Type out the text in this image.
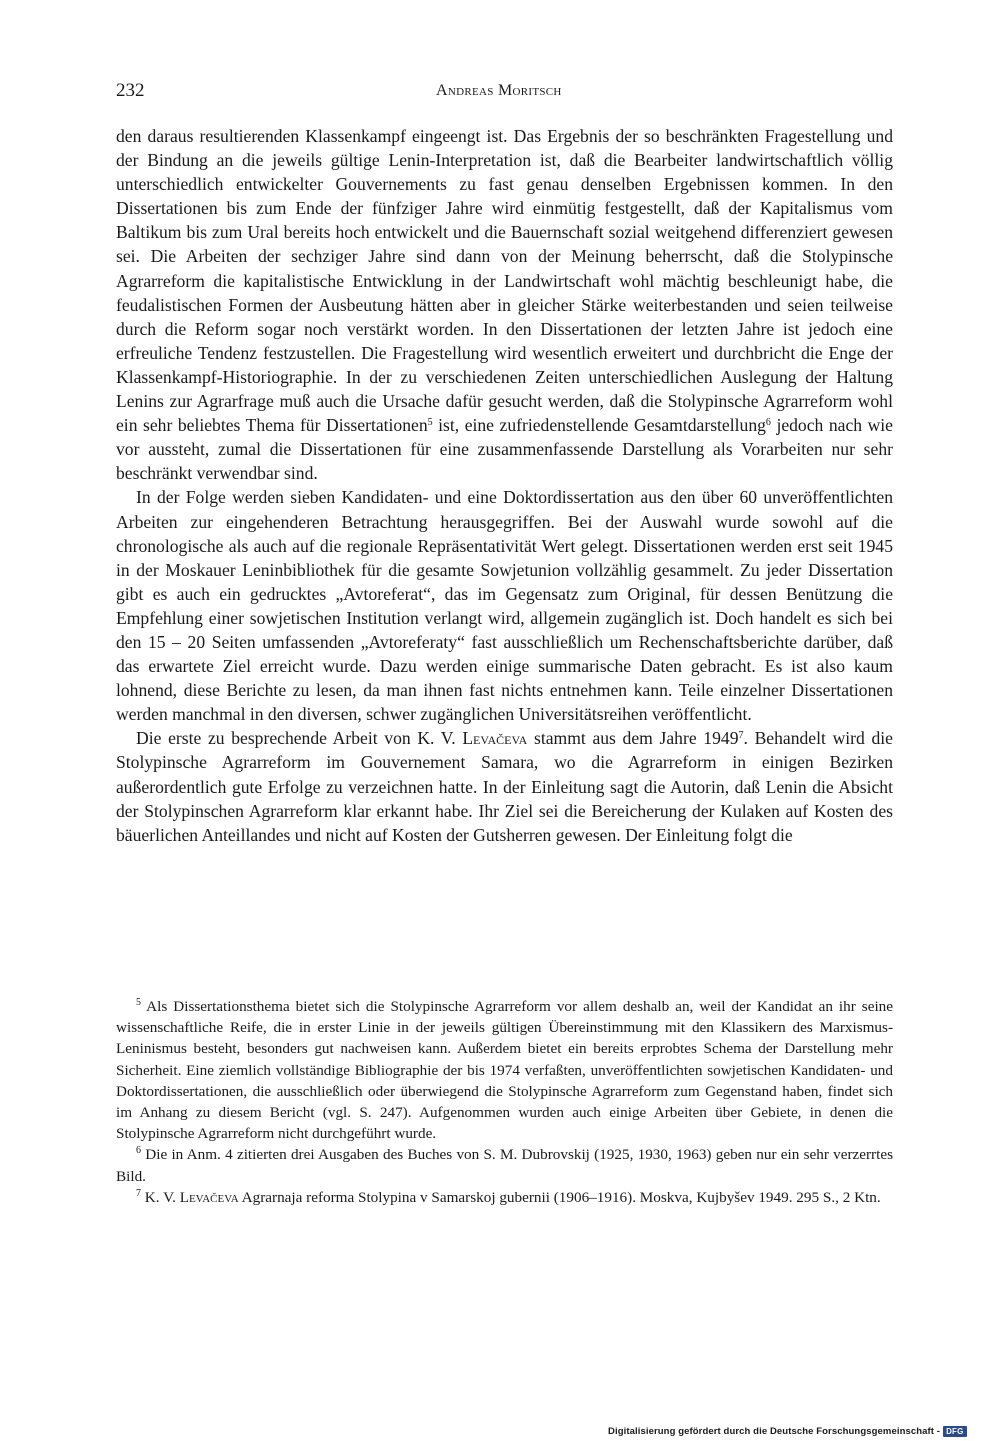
232	Andreas Moritsch

den daraus resultierenden Klassenkampf eingeengt ist. Das Ergebnis der so beschränkten Fragestellung und der Bindung an die jeweils gültige Lenin-Interpretation ist, daß die Bearbeiter landwirtschaftlich völlig unterschiedlich entwickelter Gouvernements zu fast genau denselben Ergebnissen kommen. In den Dissertationen bis zum Ende der fünfziger Jahre wird einmütig festgestellt, daß der Kapitalismus vom Baltikum bis zum Ural bereits hoch entwickelt und die Bauernschaft sozial weitgehend differenziert gewesen sei. Die Arbeiten der sechziger Jahre sind dann von der Meinung beherrscht, daß die Stolypinsche Agrarreform die kapitalistische Entwicklung in der Landwirtschaft wohl mächtig beschleunigt habe, die feudalistischen Formen der Ausbeutung hätten aber in gleicher Stärke weiterbestanden und seien teilweise durch die Reform sogar noch verstärkt worden. In den Dissertationen der letzten Jahre ist jedoch eine erfreuliche Tendenz festzustellen. Die Fragestellung wird wesentlich erweitert und durchbricht die Enge der Klassenkampf-Historiographie. In der zu verschiedenen Zeiten unterschiedlichen Auslegung der Haltung Lenins zur Agrarfrage muß auch die Ursache dafür gesucht werden, daß die Stolypinsche Agrarreform wohl ein sehr beliebtes Thema für Dissertationen$^5$ ist, eine zufriedenstellende Gesamtdarstellung$^6$ jedoch nach wie vor aussteht, zumal die Dissertationen für eine zusammenfassende Darstellung als Vorarbeiten nur sehr beschränkt verwendbar sind.

In der Folge werden sieben Kandidaten- und eine Doktordissertation aus den über 60 unveröffentlichten Arbeiten zur eingehenderen Betrachtung herausgegriffen. Bei der Auswahl wurde sowohl auf die chronologische als auch auf die regionale Repräsentativität Wert gelegt. Dissertationen werden erst seit 1945 in der Moskauer Leninbibliothek für die gesamte Sowjetunion vollzählig gesammelt. Zu jeder Dissertation gibt es auch ein gedrucktes „Avtoreferat“, das im Gegensatz zum Original, für dessen Benützung die Empfehlung einer sowjetischen Institution verlangt wird, allgemein zugänglich ist. Doch handelt es sich bei den 15 – 20 Seiten umfassenden „Avtoreferaty“ fast ausschließlich um Rechenschaftsberichte darüber, daß das erwartete Ziel erreicht wurde. Dazu werden einige summarische Daten gebracht. Es ist also kaum lohnend, diese Berichte zu lesen, da man ihnen fast nichts entnehmen kann. Teile einzelner Dissertationen werden manchmal in den diversen, schwer zugänglichen Universitätsreihen veröffentlicht.

Die erste zu besprechende Arbeit von K. V. Levačeva stammt aus dem Jahre 1949$^7$. Behandelt wird die Stolypinsche Agrarreform im Gouvernement Samara, wo die Agrarreform in einigen Bezirken außerordentlich gute Erfolge zu verzeichnen hatte. In der Einleitung sagt die Autorin, daß Lenin die Absicht der Stolypinschen Agrarreform klar erkannt habe. Ihr Ziel sei die Bereicherung der Kulaken auf Kosten des bäuerlichen Anteillandes und nicht auf Kosten der Gutsherren gewesen. Der Einleitung folgt die

$^5$ Als Dissertationsthema bietet sich die Stolypinsche Agrarreform vor allem deshalb an, weil der Kandidat an ihr seine wissenschaftliche Reife, die in erster Linie in der jeweils gültigen Übereinstimmung mit den Klassikern des Marxismus-Leninismus besteht, besonders gut nachweisen kann. Außerdem bietet ein bereits erprobtes Schema der Darstellung mehr Sicherheit. Eine ziemlich vollständige Bibliographie der bis 1974 verfaßten, unveröffentlichten sowjetischen Kandidaten- und Doktordissertationen, die ausschließlich oder überwiegend die Stolypinsche Agrarreform zum Gegenstand haben, findet sich im Anhang zu diesem Bericht (vgl. S. 247). Aufgenommen wurden auch einige Arbeiten über Gebiete, in denen die Stolypinsche Agrarreform nicht durchgeführt wurde.

$^6$ Die in Anm. 4 zitierten drei Ausgaben des Buches von S. M. Dubrovskij (1925, 1930, 1963) geben nur ein sehr verzerrtes Bild.

$^7$ K. V. Levačeva Agrarnaja reforma Stolypina v Samarskoj gubernii (1906–1916). Moskva, Kujbyšev 1949. 295 S., 2 Ktn.

Digitalisierung gefördert durch die Deutsche Forschungsgemeinschaft - DFG
